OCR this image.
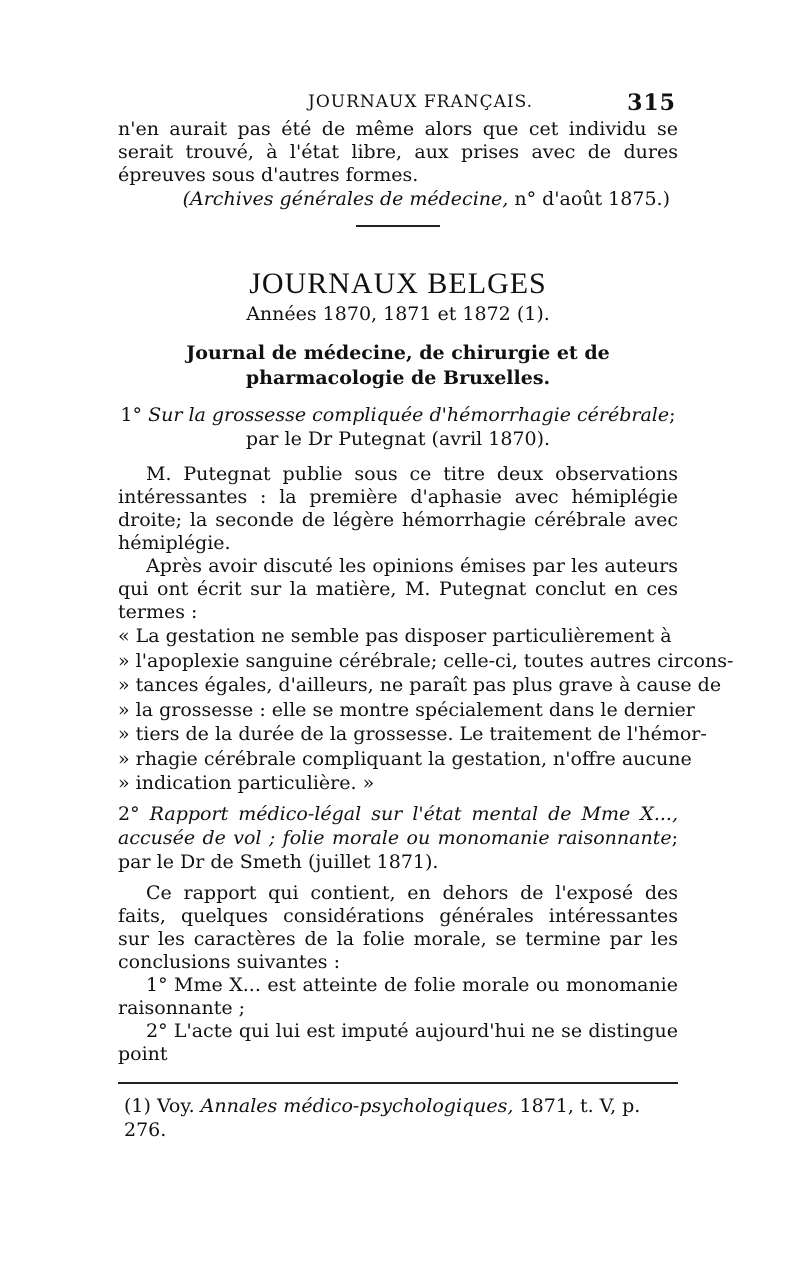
JOURNAUX FRANÇAIS.	315

n'en aurait pas été de même alors que cet individu se serait trouvé, à l'état libre, aux prises avec de dures épreuves sous d'autres formes.

(Archives générales de médecine, n° d'août 1875.)

JOURNAUX BELGES
Années 1870, 1871 et 1872 (1).
Journal de médecine, de chirurgie et de pharmacologie de Bruxelles.

1° Sur la grossesse compliquée d'hémorrhagie cérébrale; par le Dr Putegnat (avril 1870).

M. Putegnat publie sous ce titre deux observations intéressantes : la première d'aphasie avec hémiplégie droite; la seconde de légère hémorrhagie cérébrale avec hémiplégie.

Après avoir discuté les opinions émises par les auteurs qui ont écrit sur la matière, M. Putegnat conclut en ces termes :

« La gestation ne semble pas disposer particulièrement à
» l'apoplexie sanguine cérébrale; celle-ci, toutes autres circons-
» tances égales, d'ailleurs, ne paraît pas plus grave à cause de
» la grossesse : elle se montre spécialement dans le dernier
» tiers de la durée de la grossesse. Le traitement de l'hémor-
» rhagie cérébrale compliquant la gestation, n'offre aucune
» indication particulière. »

2° Rapport médico-légal sur l'état mental de Mme X..., accusée de vol ; folie morale ou monomanie raisonnante; par le Dr de Smeth (juillet 1871).

Ce rapport qui contient, en dehors de l'exposé des faits, quelques considérations générales intéressantes sur les caractères de la folie morale, se termine par les conclusions suivantes :

1° Mme X... est atteinte de folie morale ou monomanie raisonnante ;

2° L'acte qui lui est imputé aujourd'hui ne se distingue point

(1) Voy. Annales médico-psychologiques, 1871, t. V, p. 276.
